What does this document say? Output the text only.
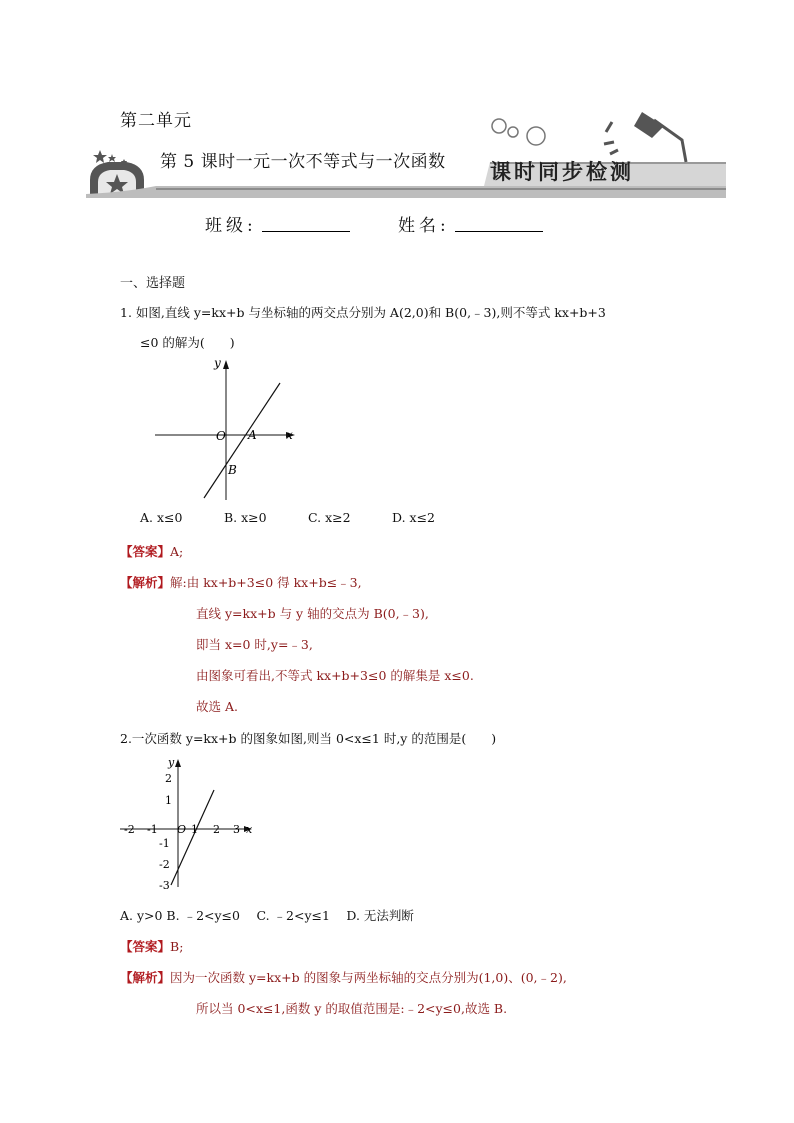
第二单元
课时同步检测
第 5 课时一元一次不等式与一次函数
班级:	姓名:
一、选择题
1. 如图,直线 y=kx+b 与坐标轴的两交点分别为 A(2,0)和 B(0,﹣3),则不等式 kx+b+3
≤0 的解为(　　)
y
x
O A
B
A. x≤0	B. x≥0	C. x≥2	D. x≤2
【答案】A;
【解析】解:由 kx+b+3≤0 得 kx+b≤﹣3,
直线 y=kx+b 与 y 轴的交点为 B(0,﹣3),
即当 x=0 时,y=﹣3,
由图象可看出,不等式 kx+b+3≤0 的解集是 x≤0.
故选 A.
2.一次函数 y=kx+b 的图象如图,则当 0<x≤1 时,y 的范围是(　　)
y
x
O
-2 -1	1 2 3
2
1
-1
-2
-3
A. y>0 B. ﹣2<y≤0　 C. ﹣2<y≤1　 D. 无法判断
【答案】B;
【解析】因为一次函数 y=kx+b 的图象与两坐标轴的交点分别为(1,0)、(0,﹣2),
所以当 0<x≤1,函数 y 的取值范围是:﹣2<y≤0,故选 B.
